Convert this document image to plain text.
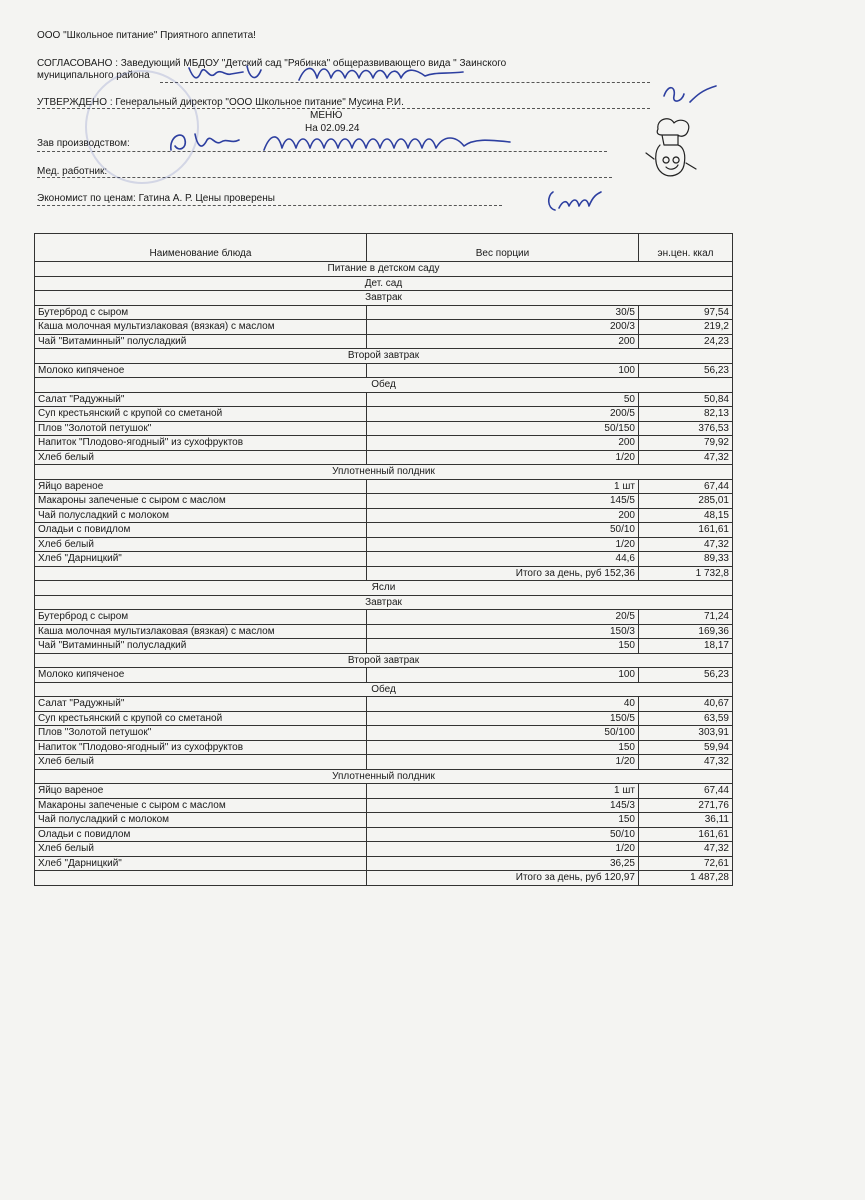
ООО "Школьное питание" Приятного аппетита!
СОГЛАСОВАНО : Заведующий МБДОУ "Детский сад "Рябинка" общеразвивающего вида " Заинского
муниципального района
УТВЕРЖДЕНО : Генеральный директор "ООО Школьное питание" Мусина Р.И.
МЕНЮ
На 02.09.24
Зав производством:
Мед. работник:
Экономист по ценам: Гатина А. Р. Цены проверены
Наименование блюда	Вес порции	эн.цен. ккал
Питание в детском саду		
Дет. сад		
Завтрак		
Бутерброд с сыром	30/5	97,54
Каша молочная мультизлаковая (вязкая) с маслом	200/3	219,2
Чай "Витаминный" полусладкий	200	24,23
Второй завтрак		
Молоко кипяченое	100	56,23
Обед		
Салат "Радужный"	50	50,84
Суп крестьянский с крупой со сметаной	200/5	82,13
Плов "Золотой петушок"	50/150	376,53
Напиток "Плодово-ягодный" из сухофруктов	200	79,92
Хлеб белый	1/20	47,32
Уплотненный полдник		
Яйцо вареное	1 шт	67,44
Макароны запеченые с сыром с маслом	145/5	285,01
Чай полусладкий с молоком	200	48,15
Оладьи с повидлом	50/10	161,61
Хлеб белый	1/20	47,32
Хлеб "Дарницкий"	44,6	89,33
	Итого за день, руб 152,36	1 732,8
Ясли		
Завтрак		
Бутерброд с сыром	20/5	71,24
Каша молочная мультизлаковая (вязкая) с маслом	150/3	169,36
Чай "Витаминный" полусладкий	150	18,17
Второй завтрак		
Молоко кипяченое	100	56,23
Обед		
Салат "Радужный"	40	40,67
Суп крестьянский с крупой со сметаной	150/5	63,59
Плов "Золотой петушок"	50/100	303,91
Напиток "Плодово-ягодный" из сухофруктов	150	59,94
Хлеб белый	1/20	47,32
Уплотненный полдник		
Яйцо вареное	1 шт	67,44
Макароны запеченые с сыром с маслом	145/3	271,76
Чай полусладкий с молоком	150	36,11
Оладьи с повидлом	50/10	161,61
Хлеб белый	1/20	47,32
Хлеб "Дарницкий"	36,25	72,61
	Итого за день, руб 120,97	1 487,28
